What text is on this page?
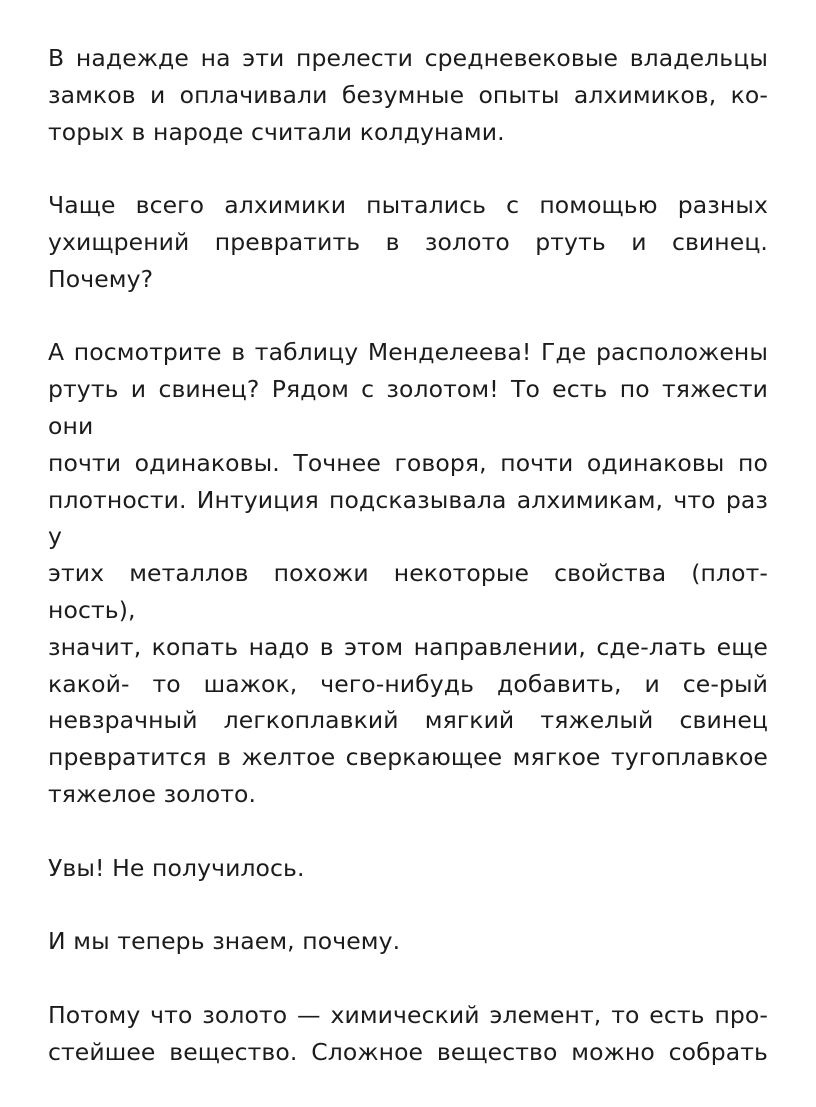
В надежде на эти прелести средневековые владельцы
замков и оплачивали безумные опыты алхимиков, ко-
торых в народе считали колдунами.
Чаще всего алхимики пытались с помощью разных
ухищрений превратить в золото ртуть и свинец.
Почему?
А посмотрите в таблицу Менделеева! Где расположены
ртуть и свинец? Рядом с золотом! То есть по тяжести они
почти одинаковы. Точнее говоря, почти одинаковы по
плотности. Интуиция подсказывала алхимикам, что раз у
этих металлов похожи некоторые свойства (плот-ность),
значит, копать надо в этом направлении, сде-лать еще
какой- то шажок, чего-нибудь добавить, и се-рый
невзрачный легкоплавкий мягкий тяжелый свинец
превратится в желтое сверкающее мягкое тугоплавкое
тяжелое золото.
Увы! Не получилось.
И мы теперь знаем, почему.
Потому что золото — химический элемент, то есть про-
стейшее вещество. Сложное вещество можно собрать
